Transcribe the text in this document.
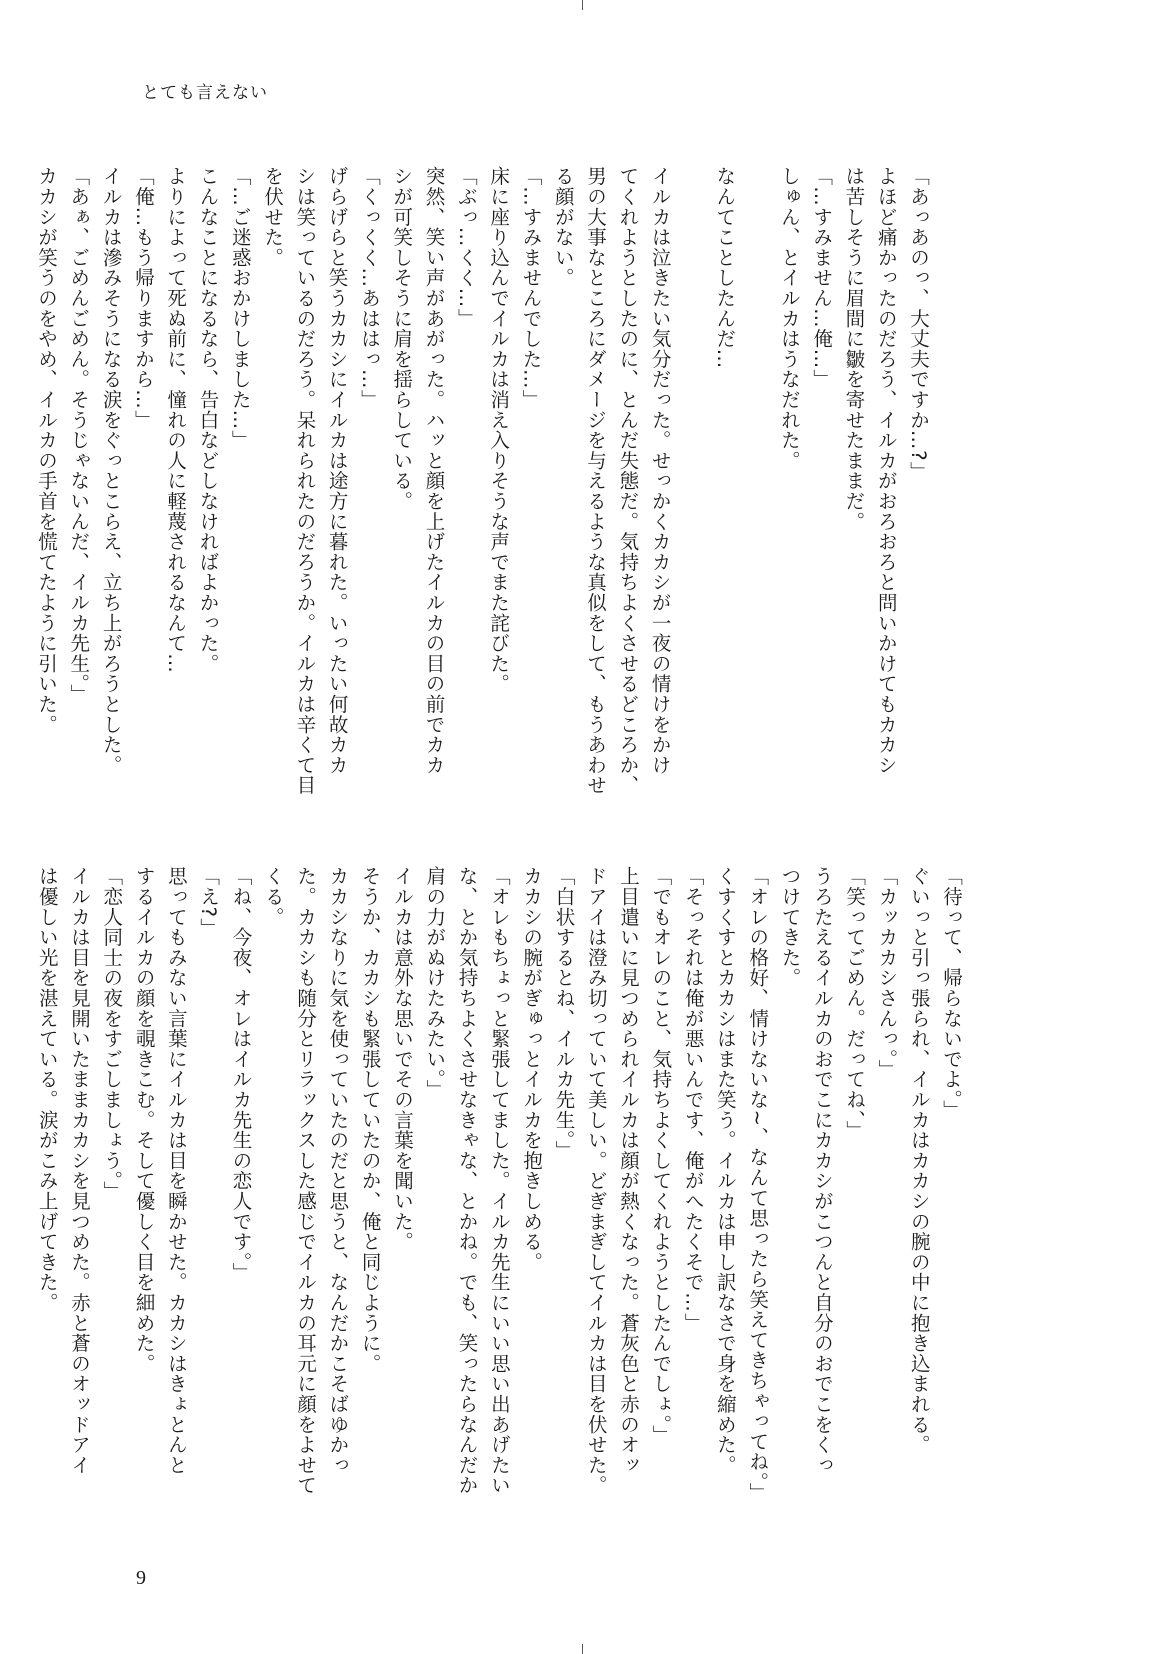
とても言えない
「あっあのっ、大丈夫ですか…?」
よほど痛かったのだろう、イルカがおろおろと問いかけてもカカシ
は苦しそうに眉間に皺を寄せたままだ。
「…すみません…俺…」
しゅん、とイルカはうなだれた。
なんてことしたんだ…
イルカは泣きたい気分だった。せっかくカカシが一夜の情けをかけ
てくれようとしたのに、とんだ失態だ。気持ちよくさせるどころか、
男の大事なところにダメージを与えるような真似をして、もうあわせ
る顔がない。
「…すみませんでした…」
床に座り込んでイルカは消え入りそうな声でまた詫びた。
「ぶっ…くく…」
突然、笑い声があがった。ハッと顔を上げたイルカの目の前でカカ
シが可笑しそうに肩を揺らしている。
「くっくく…あははっ…」
げらげらと笑うカカシにイルカは途方に暮れた。いったい何故カカ
シは笑っているのだろう。呆れられたのだろうか。イルカは辛くて目
を伏せた。
「…ご迷惑おかけしました…」
こんなことになるなら、告白などしなければよかった。
よりによって死ぬ前に、憧れの人に軽蔑されるなんて…
「俺…もう帰りますから…」
イルカは滲みそうになる涙をぐっとこらえ、立ち上がろうとした。
「あぁ、ごめんごめん。そうじゃないんだ、イルカ先生。」
カカシが笑うのをやめ、イルカの手首を慌てたように引いた。
「待って、帰らないでよ。」
ぐいっと引っ張られ、イルカはカカシの腕の中に抱き込まれる。
「カッカカシさんっ。」
「笑ってごめん。だってね、」
うろたえるイルカのおでこにカカシがこつんと自分のおでこをくっ
つけてきた。
「オレの格好、情けないな~、なんて思ったら笑えてきちゃってね。」
くすくすとカカシはまた笑う。イルカは申し訳なさで身を縮めた。
「そっそれは俺が悪いんです、俺がへたくそで…」
「でもオレのこと、気持ちよくしてくれようとしたんでしょ。」
上目遣いに見つめられイルカは顔が熱くなった。蒼灰色と赤のオッ
ドアイは澄み切っていて美しい。どぎまぎしてイルカは目を伏せた。
「白状するとね、イルカ先生。」
カカシの腕がぎゅっとイルカを抱きしめる。
「オレもちょっと緊張してました。イルカ先生にいい思い出あげたい
な、とか気持ちよくさせなきゃな、とかね。でも、笑ったらなんだか
肩の力がぬけたみたい。」
イルカは意外な思いでその言葉を聞いた。
そうか、カカシも緊張していたのか、俺と同じように。
カカシなりに気を使っていたのだと思うと、なんだかこそばゆかっ
た。カカシも随分とリラックスした感じでイルカの耳元に顔をよせて
くる。
「ね、今夜、オレはイルカ先生の恋人です。」
「え?」
思ってもみない言葉にイルカは目を瞬かせた。カカシはきょとんと
するイルカの顔を覗きこむ。そして優しく目を細めた。
「恋人同士の夜をすごしましょう。」
イルカは目を見開いたままカカシを見つめた。赤と蒼のオッドアイ
は優しい光を湛えている。涙がこみ上げてきた。
9
